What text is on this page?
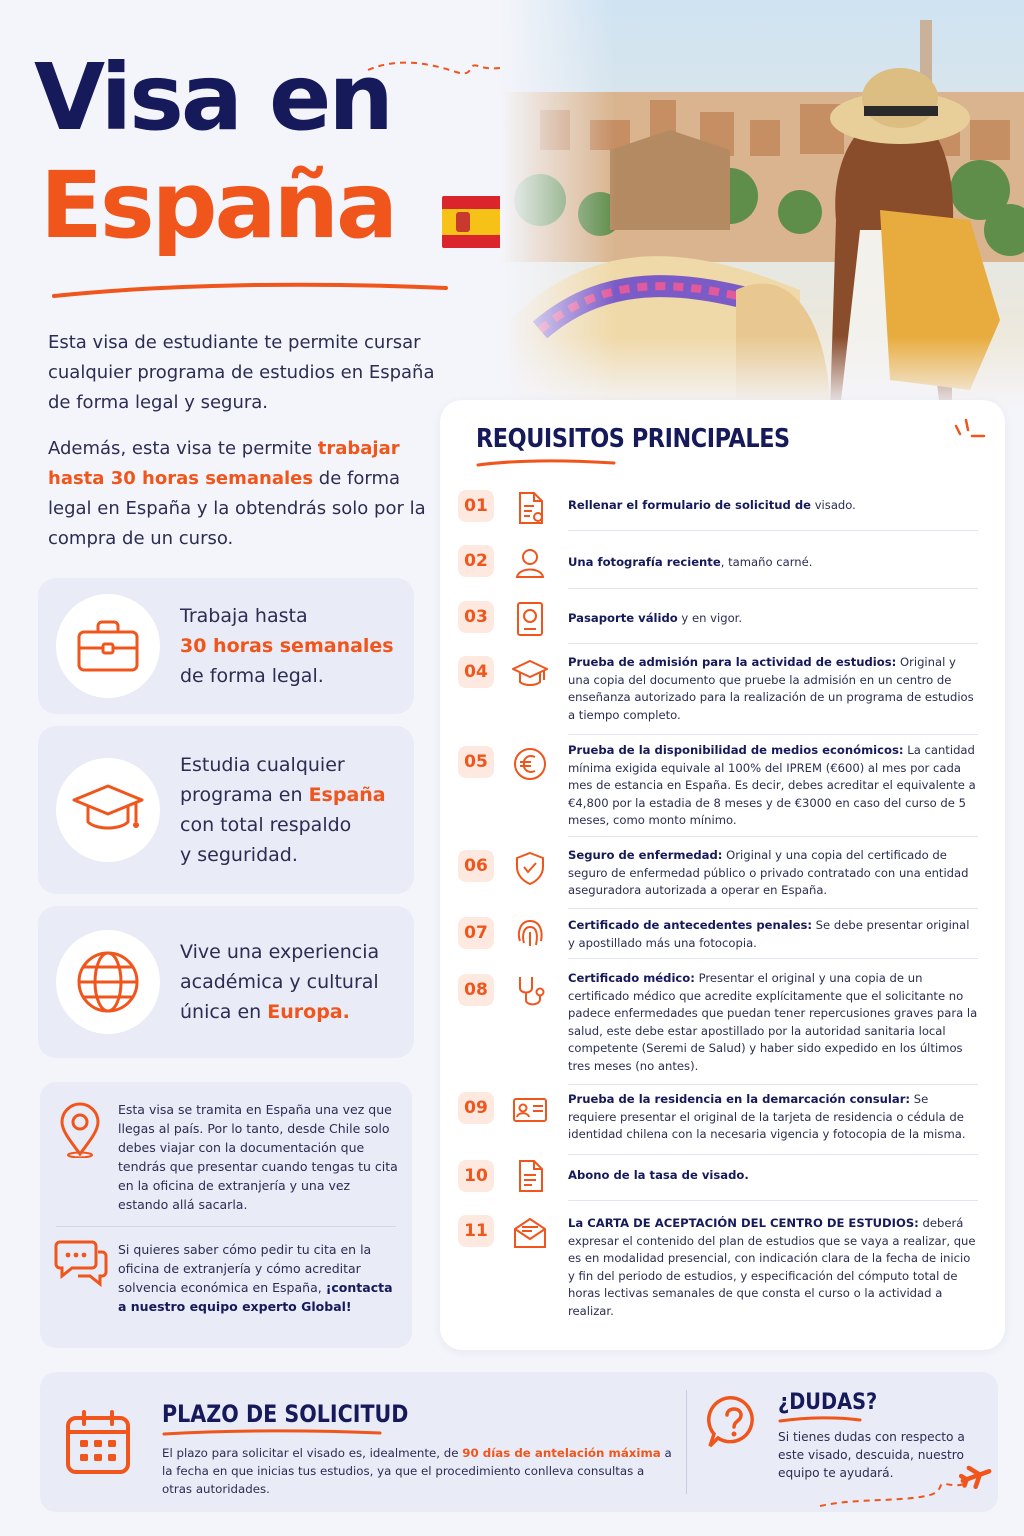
Visa en
España

Esta visa de estudiante te permite cursar cualquier programa de estudios en España de forma legal y segura.

Además, esta visa te permite trabajar hasta 30 horas semanales de forma legal en España y la obtendrás solo por la compra de un curso.

Trabaja hasta
30 horas semanales
de forma legal.
Estudia cualquier
programa en España
con total respaldo
y seguridad.
Vive una experiencia
académica y cultural
única en Europa.

Esta visa se tramita en España una vez que llegas al país. Por lo tanto, desde Chile solo debes viajar con la documentación que tendrás que presentar cuando tengas tu cita en la oficina de extranjería y una vez estando allá sacarla.

Si quieres saber cómo pedir tu cita en la oficina de extranjería y cómo acreditar solvencia económica en España, ¡contacta a nuestro equipo experto Global!

REQUISITOS PRINCIPALES
01	Rellenar el formulario de solicitud de visado.
02	Una fotografía reciente, tamaño carné.
03	Pasaporte válido y en vigor.
04	Prueba de admisión para la actividad de estudios: Original y una copia del documento que pruebe la admisión en un centro de enseñanza autorizado para la realización de un programa de estudios a tiempo completo.
05
Prueba de la disponibilidad de medios económicos: La cantidad mínima exigida equivale al 100% del IPREM (€600) al mes por cada mes de estancia en España. Es decir, debes acreditar el equivalente a €4,800 por la estadia de 8 meses y de €3000 en caso del curso de 5 meses, como monto mínimo.
06
Seguro de enfermedad: Original y una copia del certificado de seguro de enfermedad público o privado contratado con una entidad aseguradora autorizada a operar en España.
07	Certificado de antecedentes penales: Se debe presentar original y apostillado más una fotocopia.
08
Certificado médico: Presentar el original y una copia de un certificado médico que acredite explícitamente que el solicitante no padece enfermedades que puedan tener repercusiones graves para la salud, este debe estar apostillado por la autoridad sanitaria local competente (Seremi de Salud) y haber sido expedido en los últimos tres meses (no antes).
09	Prueba de la residencia en la demarcación consular: Se requiere presentar el original de la tarjeta de residencia o cédula de identidad chilena con la necesaria vigencia y fotocopia de la misma.
10	Abono de la tasa de visado.
11	La CARTA DE ACEPTACIÓN DEL CENTRO DE ESTUDIOS: deberá expresar el contenido del plan de estudios que se vaya a realizar, que es en modalidad presencial, con indicación clara de la fecha de inicio y fin del periodo de estudios, y especificación del cómputo total de horas lectivas semanales de que consta el curso o la actividad a realizar.
PLAZO DE SOLICITUD

El plazo para solicitar el visado es, idealmente, de 90 días de antelación máxima a la fecha en que inicias tus estudios, ya que el procedimiento conlleva consultas a otras autoridades.

¿DUDAS?

Si tienes dudas con respecto a este visado, descuida, nuestro equipo te ayudará.
